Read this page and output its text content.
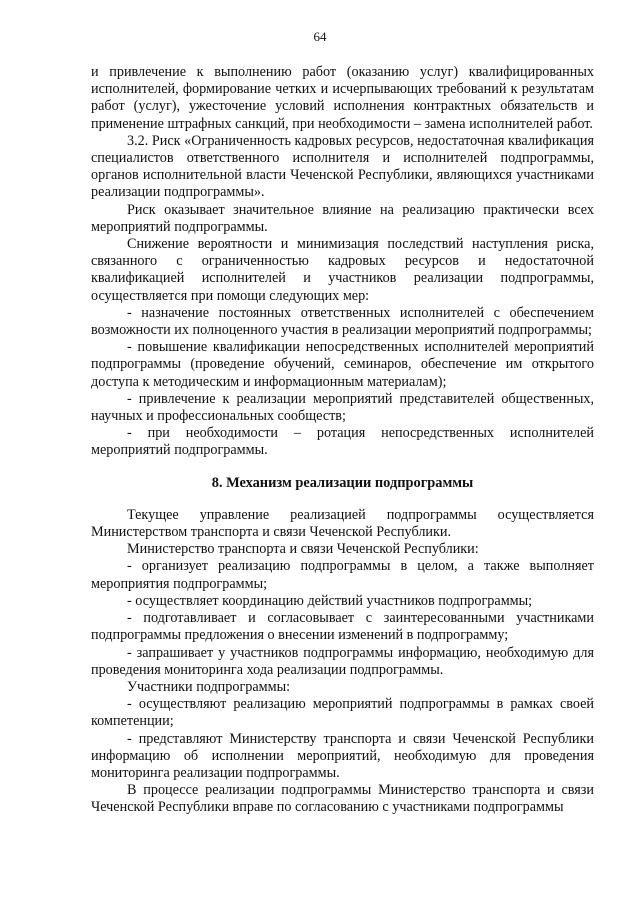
64

и привлечение к выполнению работ (оказанию услуг) квалифицированных исполнителей, формирование четких и исчерпывающих требований к результатам работ (услуг), ужесточение условий исполнения контрактных обязательств и применение штрафных санкций, при необходимости – замена исполнителей работ.

3.2. Риск «Ограниченность кадровых ресурсов, недостаточная квалификация специалистов ответственного исполнителя и исполнителей подпрограммы, органов исполнительной власти Чеченской Республики, являющихся участниками реализации подпрограммы».

Риск оказывает значительное влияние на реализацию практически всех мероприятий подпрограммы.

Снижение вероятности и минимизация последствий наступления риска, связанного с ограниченностью кадровых ресурсов и недостаточной квалификацией исполнителей и участников реализации подпрограммы, осуществляется при помощи следующих мер:

- назначение постоянных ответственных исполнителей с обеспечением возможности их полноценного участия в реализации мероприятий подпрограммы;

- повышение квалификации непосредственных исполнителей мероприятий подпрограммы (проведение обучений, семинаров, обеспечение им открытого доступа к методическим и информационным материалам);

- привлечение к реализации мероприятий представителей общественных, научных и профессиональных сообществ;

- при необходимости – ротация непосредственных исполнителей мероприятий подпрограммы.

8. Механизм реализации подпрограммы

Текущее управление реализацией подпрограммы осуществляется Министерством транспорта и связи Чеченской Республики.

Министерство транспорта и связи Чеченской Республики:

- организует реализацию подпрограммы в целом, а также выполняет мероприятия подпрограммы;

- осуществляет координацию действий участников подпрограммы;

- подготавливает и согласовывает с заинтересованными участниками подпрограммы предложения о внесении изменений в подпрограмму;

- запрашивает у участников подпрограммы информацию, необходимую для проведения мониторинга хода реализации подпрограммы.

Участники подпрограммы:

- осуществляют реализацию мероприятий подпрограммы в рамках своей компетенции;

- представляют Министерству транспорта и связи Чеченской Республики информацию об исполнении мероприятий, необходимую для проведения мониторинга реализации подпрограммы.

В процессе реализации подпрограммы Министерство транспорта и связи Чеченской Республики вправе по согласованию с участниками подпрограммы
